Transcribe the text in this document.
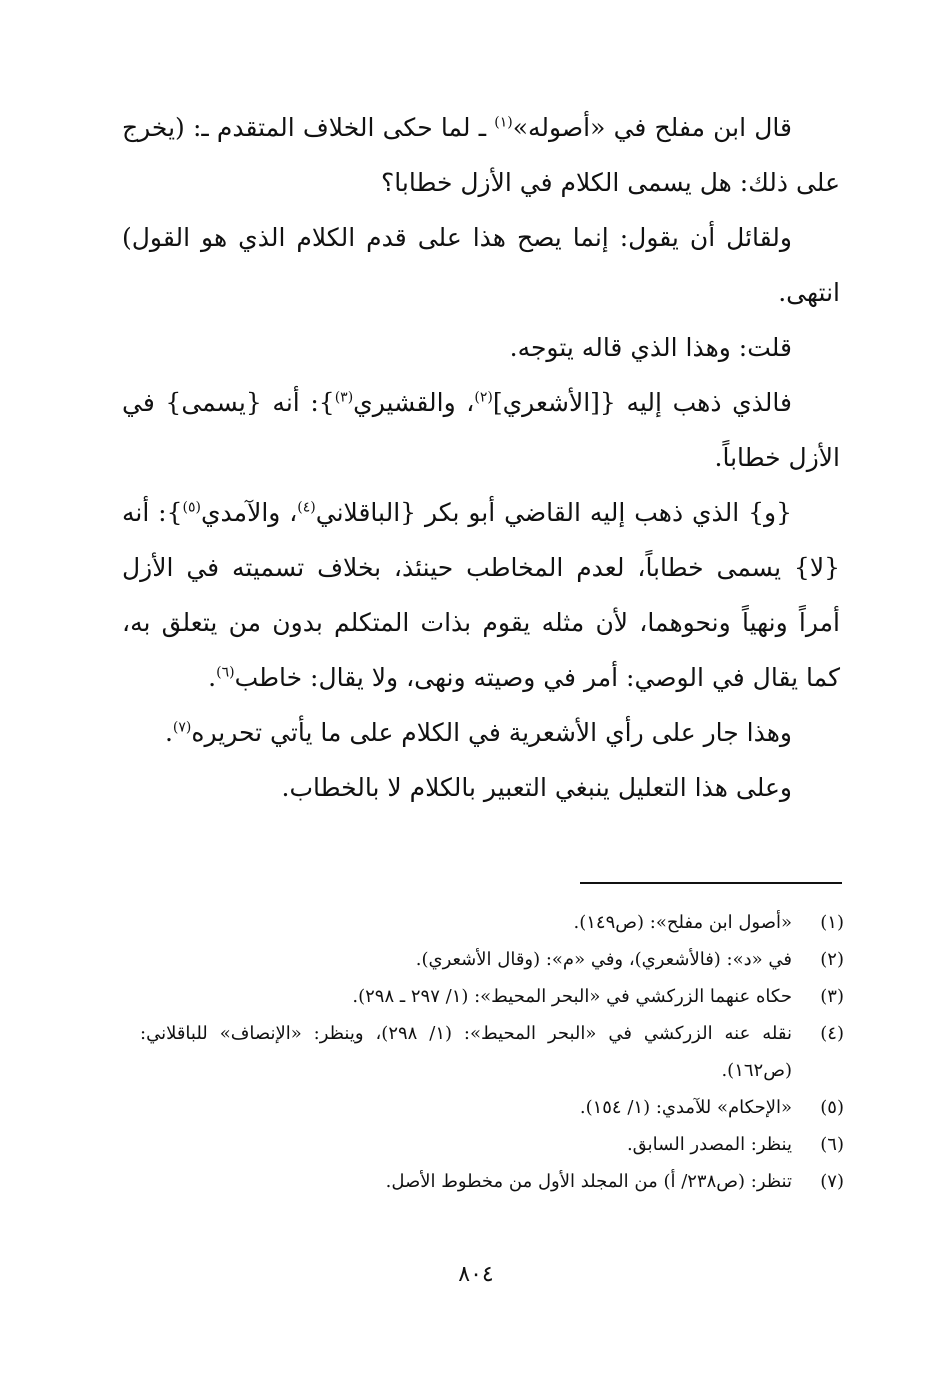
قال ابن مفلح في «أصوله»$^{(١)}$ ـ لما حكى الخلاف المتقدم ـ: (يخرج على ذلك: هل يسمى الكلام في الأزل خطابا؟

ولقائل أن يقول: إنما يصح هذا على قدم الكلام الذي هو القول) انتهى.

قلت: وهذا الذي قاله يتوجه.

فالذي ذهب إليه {[الأشعري]$^{(٢)}$، والقشيري$^{(٣)}$}: أنه {يسمى} في الأزل خطاباً.

{و} الذي ذهب إليه القاضي أبو بكر {الباقلاني$^{(٤)}$، والآمدي$^{(٥)}$}: أنه {لا} يسمى خطاباً، لعدم المخاطب حينئذ، بخلاف تسميته في الأزل أمراً ونهياً ونحوهما، لأن مثله يقوم بذات المتكلم بدون من يتعلق به، كما يقال في الوصي: أمر في وصيته ونهى، ولا يقال: خاطب$^{(٦)}$.

وهذا جار على رأي الأشعرية في الكلام على ما يأتي تحريره$^{(٧)}$.

وعلى هذا التعليل ينبغي التعبير بالكلام لا بالخطاب.

(١)
«أصول ابن مفلح»: (ص١٤٩).
(٢)
في «د»: (فالأشعري)، وفي «م»: (وقال الأشعري).
(٣)
حكاه عنهما الزركشي في «البحر المحيط»: (١/ ٢٩٧ ـ ٢٩٨).
(٤)
نقله عنه الزركشي في «البحر المحيط»: (١/ ٢٩٨)، وينظر: «الإنصاف» للباقلاني: (ص١٦٢).
(٥)
«الإحكام» للآمدي: (١/ ١٥٤).
(٦)
ينظر: المصدر السابق.
(٧)
تنظر: (ص٢٣٨/ أ) من المجلد الأول من مخطوط الأصل.
٨٠٤
